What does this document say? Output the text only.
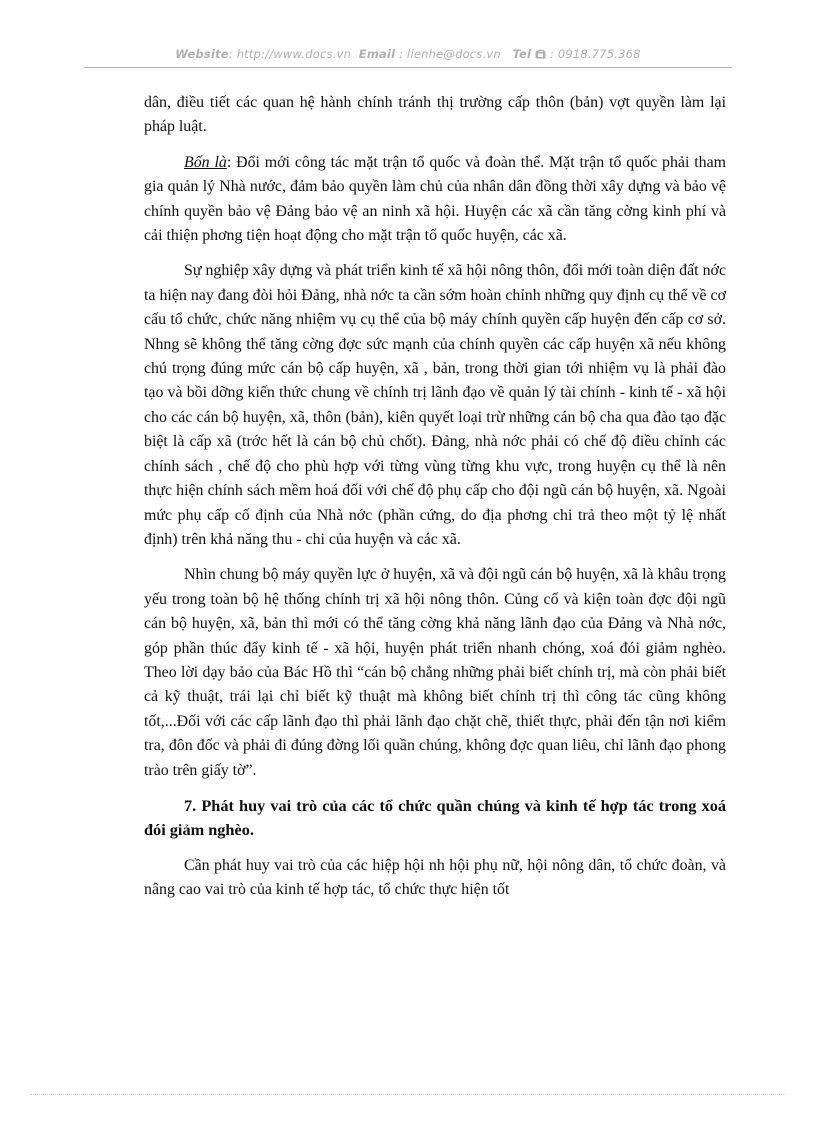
Website: http://www.docs.vn Email : lienhe@docs.vn Tel : 0918.775.368

dân, điều tiết các quan hệ hành chính tránh thị trường cấp thôn (bản) vợt quyền làm lại pháp luật.

Bốn là: Đổi mới công tác mặt trận tổ quốc và đoàn thể. Mặt trận tổ quốc phải tham gia quản lý Nhà nước, đảm bảo quyền làm chủ của nhân dân đồng thời xây dựng và bảo vệ chính quyền bảo vệ Đảng bảo vệ an ninh xã hội. Huyện các xã cần tăng cờng kinh phí và cải thiện phơng tiện hoạt động cho mặt trận tổ quốc huyện, các xã.

Sự nghiệp xây dựng và phát triển kinh tế xã hội nông thôn, đổi mới toàn diện đất nớc ta hiện nay đang đòi hỏi Đảng, nhà nớc ta cần sớm hoàn chỉnh những quy định cụ thể về cơ cấu tổ chức, chức năng nhiệm vụ cụ thể của bộ máy chính quyền cấp huyện đến cấp cơ sở. Nhng sẽ không thể tăng cờng đợc sức mạnh của chính quyền các cấp huyện xã nếu không chú trọng đúng mức cán bộ cấp huyện, xã , bản, trong thời gian tới nhiệm vụ là phải đào tạo và bồi dỡng kiến thức chung về chính trị lãnh đạo về quản lý tài chính - kinh tế - xã hội cho các cán bộ huyện, xã, thôn (bản), kiên quyết loại trừ những cán bộ cha qua đào tạo đặc biệt là cấp xã (trớc hết là cán bộ chủ chốt). Đảng, nhà nớc phải có chế độ điều chỉnh các chính sách , chế độ cho phù hợp với từng vùng từng khu vực, trong huyện cụ thể là nên thực hiện chính sách mềm hoá đối với chế độ phụ cấp cho đội ngũ cán bộ huyện, xã. Ngoài mức phụ cấp cố định của Nhà nớc (phần cứng, do địa phơng chi trả theo một tỷ lệ nhất định) trên khả năng thu - chi của huyện và các xã.

Nhìn chung bộ máy quyền lực ở huyện, xã và đội ngũ cán bộ huyện, xã là khâu trọng yếu trong toàn bộ hệ thống chính trị xã hội nông thôn. Củng cố và kiện toàn đợc đội ngũ cán bộ huyện, xã, bản thì mới có thể tăng cờng khả năng lãnh đạo của Đảng và Nhà nớc, góp phần thúc đẩy kinh tế - xã hội, huyện phát triển nhanh chóng, xoá đói giảm nghèo. Theo lời dạy bảo của Bác Hồ thì “cán bộ chẳng những phải biết chính trị, mà còn phải biết cả kỹ thuật, trái lại chỉ biết kỹ thuật mà không biết chính trị thì công tác cũng không tốt,...Đối với các cấp lãnh đạo thì phải lãnh đạo chặt chẽ, thiết thực, phải đến tận nơi kiểm tra, đôn đốc và phải đi đúng đờng lối quần chúng, không đợc quan liêu, chỉ lãnh đạo phong trào trên giấy tờ”.

7. Phát huy vai trò của các tổ chức quần chúng và kinh tế hợp tác trong xoá đói giảm nghèo.

Cần phát huy vai trò của các hiệp hội nh hội phụ nữ, hội nông dân, tổ chức đoàn, và nâng cao vai trò của kinh tế hợp tác, tổ chức thực hiện tốt
